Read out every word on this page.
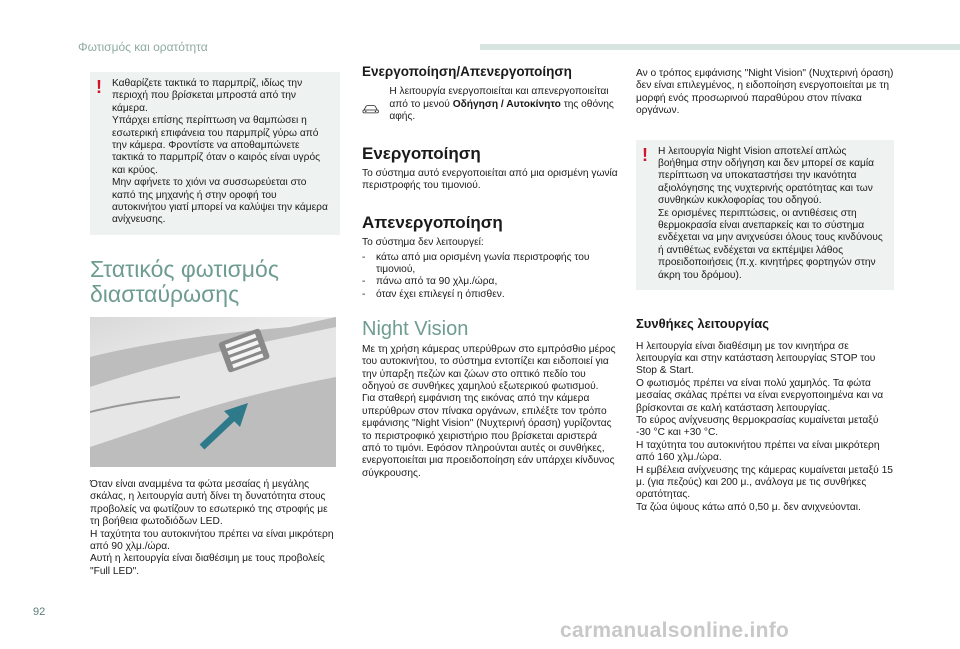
Φωτισμός και ορατότητα
! Καθαρίζετε τακτικά το παρμπρίζ, ιδίως την περιοχή που βρίσκεται μπροστά από την κάμερα.
Υπάρχει επίσης περίπτωση να θαμπώσει η εσωτερική επιφάνεια του παρμπρίζ γύρω από την κάμερα. Φροντίστε να αποθαμπώνετε τακτικά το παρμπρίζ όταν ο καιρός είναι υγρός και κρύος.
Μην αφήνετε το χιόνι να συσσωρεύεται στο καπό της μηχανής ή στην οροφή του αυτοκινήτου γιατί μπορεί να καλύψει την κάμερα ανίχνευσης.
Στατικός φωτισμός
διασταύρωσης
Όταν είναι αναμμένα τα φώτα μεσαίας ή μεγάλης σκάλας, η λειτουργία αυτή δίνει τη δυνατότητα στους προβολείς να φωτίζουν το εσωτερικό της στροφής με τη βοήθεια φωτοδιόδων LED.
Η ταχύτητα του αυτοκινήτου πρέπει να είναι μικρότερη από 90 χλμ./ώρα.
Αυτή η λειτουργία είναι διαθέσιμη με τους προβολείς "Full LED".
Ενεργοποίηση/Απενεργοποίηση
Η λειτουργία ενεργοποιείται και απενεργοποιείται από το μενού Οδήγηση / Αυτοκίνητο της οθόνης αφής.
Ενεργοποίηση
Το σύστημα αυτό ενεργοποιείται από μια ορισμένη γωνία περιστροφής του τιμονιού.
Απενεργοποίηση
Το σύστημα δεν λειτουργεί:
- κάτω από μια ορισμένη γωνία περιστροφής του τιμονιού,
- πάνω από τα 90 χλμ./ώρα,
- όταν έχει επιλεγεί η όπισθεν.
Night Vision
Με τη χρήση κάμερας υπερύθρων στο εμπρόσθιο μέρος του αυτοκινήτου, το σύστημα εντοπίζει και ειδοποιεί για την ύπαρξη πεζών και ζώων στο οπτικό πεδίο του οδηγού σε συνθήκες χαμηλού εξωτερικού φωτισμού.
Για σταθερή εμφάνιση της εικόνας από την κάμερα υπερύθρων στον πίνακα οργάνων, επιλέξτε τον τρόπο εμφάνισης "Night Vision" (Νυχτερινή όραση) γυρίζοντας το περιστροφικό χειριστήριο που βρίσκεται αριστερά από το τιμόνι. Εφόσον πληρούνται αυτές οι συνθήκες, ενεργοποιείται μια προειδοποίηση εάν υπάρχει κίνδυνος σύγκρουσης.
Αν ο τρόπος εμφάνισης "Night Vision" (Νυχτερινή όραση) δεν είναι επιλεγμένος, η ειδοποίηση ενεργοποιείται με τη μορφή ενός προσωρινού παραθύρου στον πίνακα οργάνων.
! Η λειτουργία Night Vision αποτελεί απλώς βοήθημα στην οδήγηση και δεν μπορεί σε καμία περίπτωση να υποκαταστήσει την ικανότητα αξιολόγησης της νυχτερινής ορατότητας και των συνθηκών κυκλοφορίας του οδηγού.
Σε ορισμένες περιπτώσεις, οι αντιθέσεις στη θερμοκρασία είναι ανεπαρκείς και το σύστημα ενδέχεται να μην ανιχνεύσει όλους τους κινδύνους ή αντιθέτως ενδέχεται να εκπέμψει λάθος προειδοποιήσεις (π.χ. κινητήρες φορτηγών στην άκρη του δρόμου).
Συνθήκες λειτουργίας
Η λειτουργία είναι διαθέσιμη με τον κινητήρα σε λειτουργία και στην κατάσταση λειτουργίας STOP του Stop & Start.
Ο φωτισμός πρέπει να είναι πολύ χαμηλός. Τα φώτα μεσαίας σκάλας πρέπει να είναι ενεργοποιημένα και να βρίσκονται σε καλή κατάσταση λειτουργίας.
Το εύρος ανίχνευσης θερμοκρασίας κυμαίνεται μεταξύ -30 °C και +30 °C.
Η ταχύτητα του αυτοκινήτου πρέπει να είναι μικρότερη από 160 χλμ./ώρα.
Η εμβέλεια ανίχνευσης της κάμερας κυμαίνεται μεταξύ 15 μ. (για πεζούς) και 200 μ., ανάλογα με τις συνθήκες ορατότητας.
Τα ζώα ύψους κάτω από 0,50 μ. δεν ανιχνεύονται.
92
carmanualsonline.info
